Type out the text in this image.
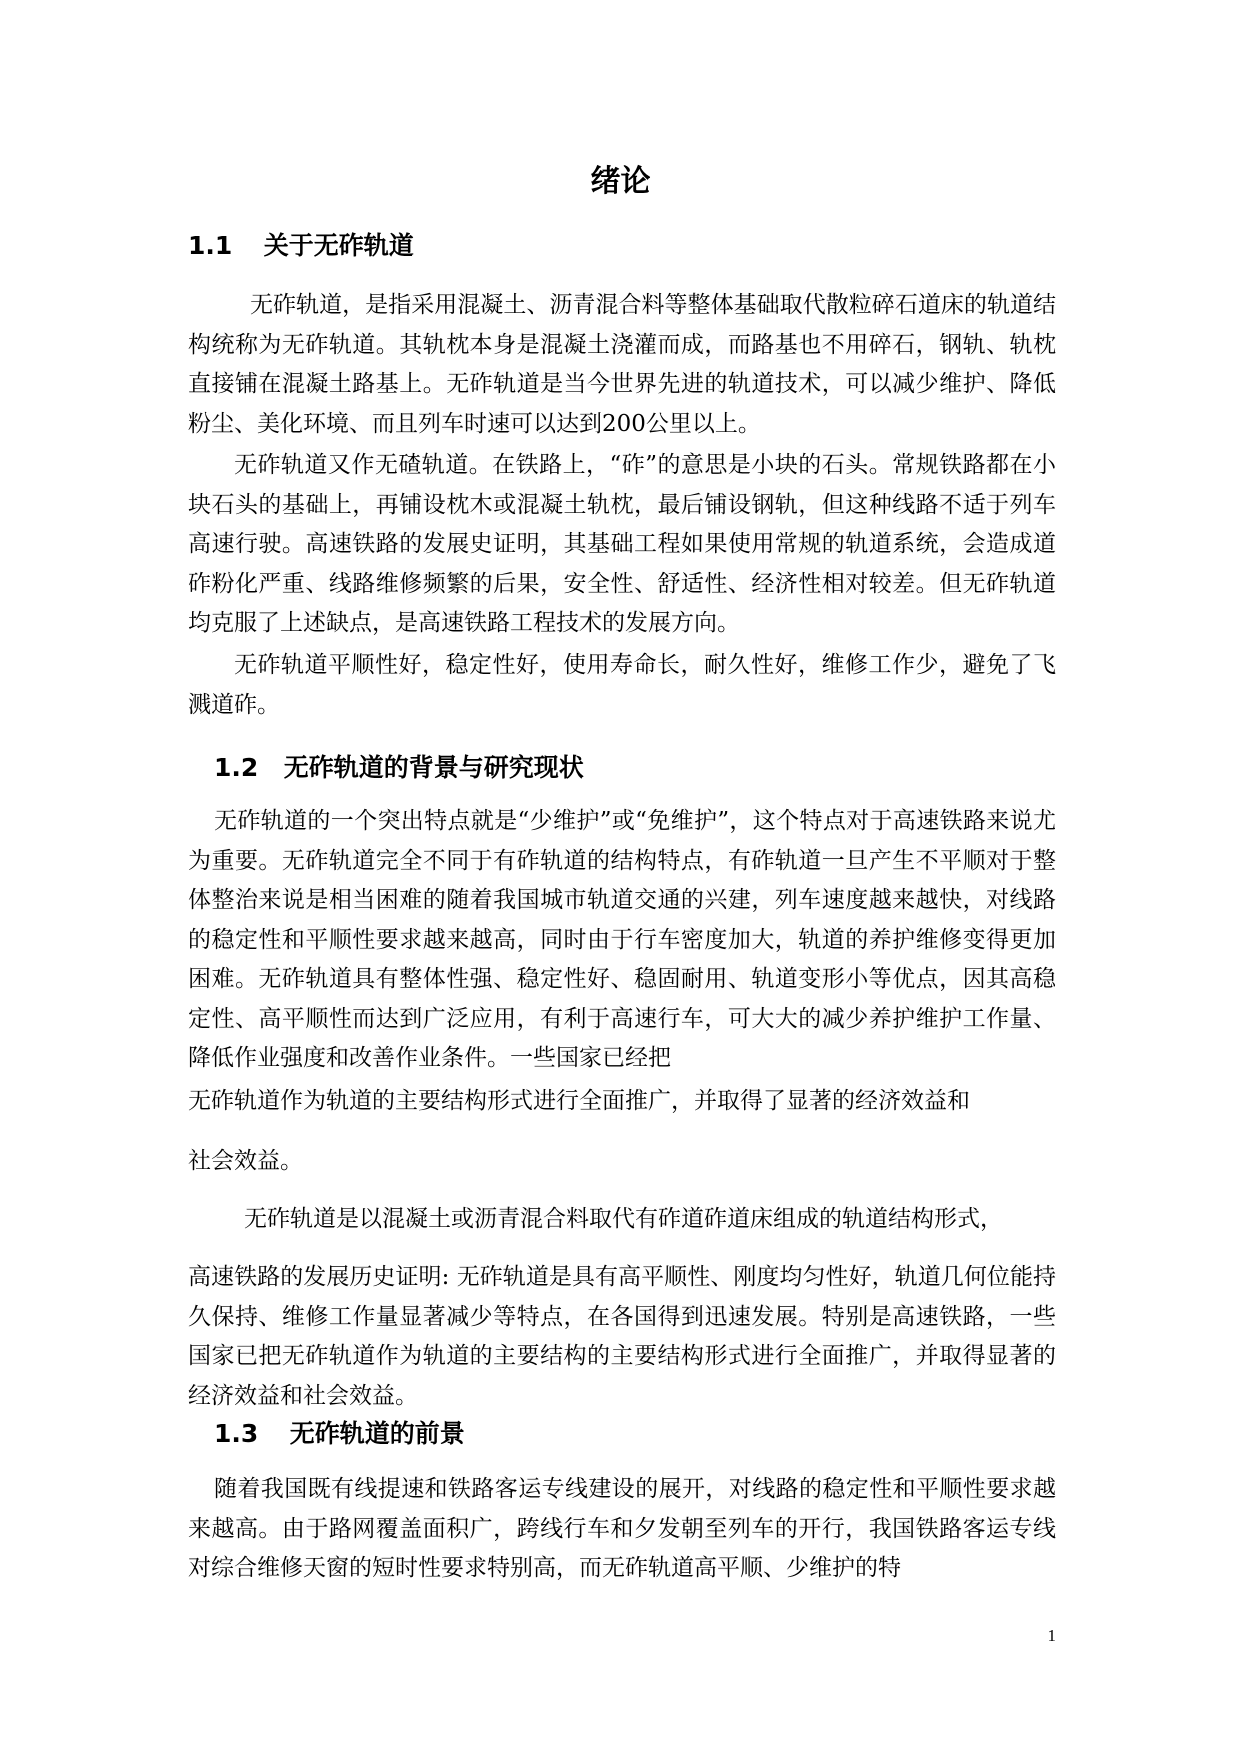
绪论
1.1 关于无砟轨道

无砟轨道，是指采用混凝土、沥青混合料等整体基础取代散粒碎石道床的轨道结构统称为无砟轨道。其轨枕本身是混凝土浇灌而成，而路基也不用碎石，钢轨、轨枕直接铺在混凝土路基上。无砟轨道是当今世界先进的轨道技术，可以减少维护、降低粉尘、美化环境、而且列车时速可以达到200公里以上。

无砟轨道又作无碴轨道。在铁路上，“砟”的意思是小块的石头。常规铁路都在小块石头的基础上，再铺设枕木或混凝土轨枕，最后铺设钢轨，但这种线路不适于列车高速行驶。高速铁路的发展史证明，其基础工程如果使用常规的轨道系统，会造成道砟粉化严重、线路维修频繁的后果，安全性、舒适性、经济性相对较差。但无砟轨道均克服了上述缺点，是高速铁路工程技术的发展方向。

无砟轨道平顺性好，稳定性好，使用寿命长，耐久性好，维修工作少，避免了飞溅道砟。

1.2 无砟轨道的背景与研究现状

无砟轨道的一个突出特点就是“少维护”或“免维护”，这个特点对于高速铁路来说尤为重要。无砟轨道完全不同于有砟轨道的结构特点，有砟轨道一旦产生不平顺对于整体整治来说是相当困难的随着我国城市轨道交通的兴建，列车速度越来越快，对线路的稳定性和平顺性要求越来越高，同时由于行车密度加大，轨道的养护维修变得更加困难。无砟轨道具有整体性强、稳定性好、稳固耐用、轨道变形小等优点，因其高稳定性、高平顺性而达到广泛应用，有利于高速行车，可大大的减少养护维护工作量、降低作业强度和改善作业条件。一些国家已经把

无砟轨道作为轨道的主要结构形式进行全面推广，并取得了显著的经济效益和

社会效益。

无砟轨道是以混凝土或沥青混合料取代有砟道砟道床组成的轨道结构形式，

高速铁路的发展历史证明: 无砟轨道是具有高平顺性、刚度均匀性好，轨道几何位能持久保持、维修工作量显著减少等特点，在各国得到迅速发展。特别是高速铁路，一些国家已把无砟轨道作为轨道的主要结构的主要结构形式进行全面推广，并取得显著的经济效益和社会效益。

1.3 无砟轨道的前景

随着我国既有线提速和铁路客运专线建设的展开，对线路的稳定性和平顺性要求越来越高。由于路网覆盖面积广，跨线行车和夕发朝至列车的开行，我国铁路客运专线对综合维修天窗的短时性要求特别高，而无砟轨道高平顺、少维护的特

1
